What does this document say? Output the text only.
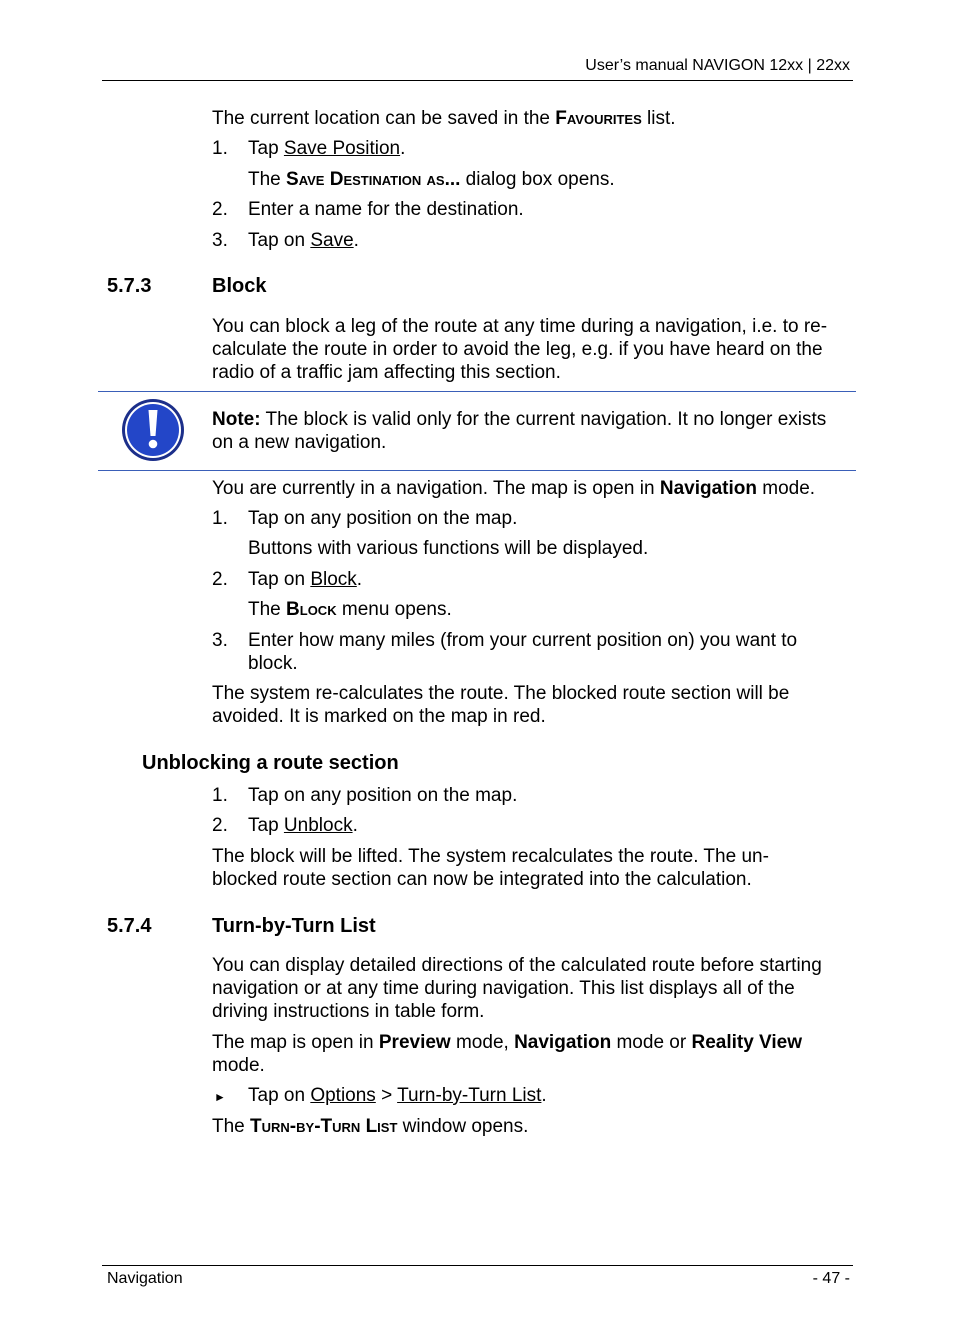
User’s manual NAVIGON 12xx | 22xx
The current location can be saved in the Favourites list.
1. Tap Save Position.
The Save Destination as... dialog box opens.
2. Enter a name for the destination.
3. Tap on Save.
5.7.3	Block
You can block a leg of the route at any time during a navigation, i.e. to re-calculate the route in order to avoid the leg, e.g. if you have heard on the radio of a traffic jam affecting this section.
Note: The block is valid only for the current navigation. It no longer exists on a new navigation.
You are currently in a navigation. The map is open in Navigation mode.
1. Tap on any position on the map.
Buttons with various functions will be displayed.
2. Tap on Block.
The Block menu opens.
3. Enter how many miles (from your current position on) you want to block.
The system re-calculates the route. The blocked route section will be avoided. It is marked on the map in red.
Unblocking a route section
1. Tap on any position on the map.
2. Tap Unblock.
The block will be lifted. The system recalculates the route. The un-blocked route section can now be integrated into the calculation.
5.7.4	Turn-by-Turn List
You can display detailed directions of the calculated route before starting navigation or at any time during navigation. This list displays all of the driving instructions in table form.
The map is open in Preview mode, Navigation mode or Reality View mode.
► Tap on Options > Turn-by-Turn List.
The Turn-by-Turn List window opens.
Navigation	- 47 -
